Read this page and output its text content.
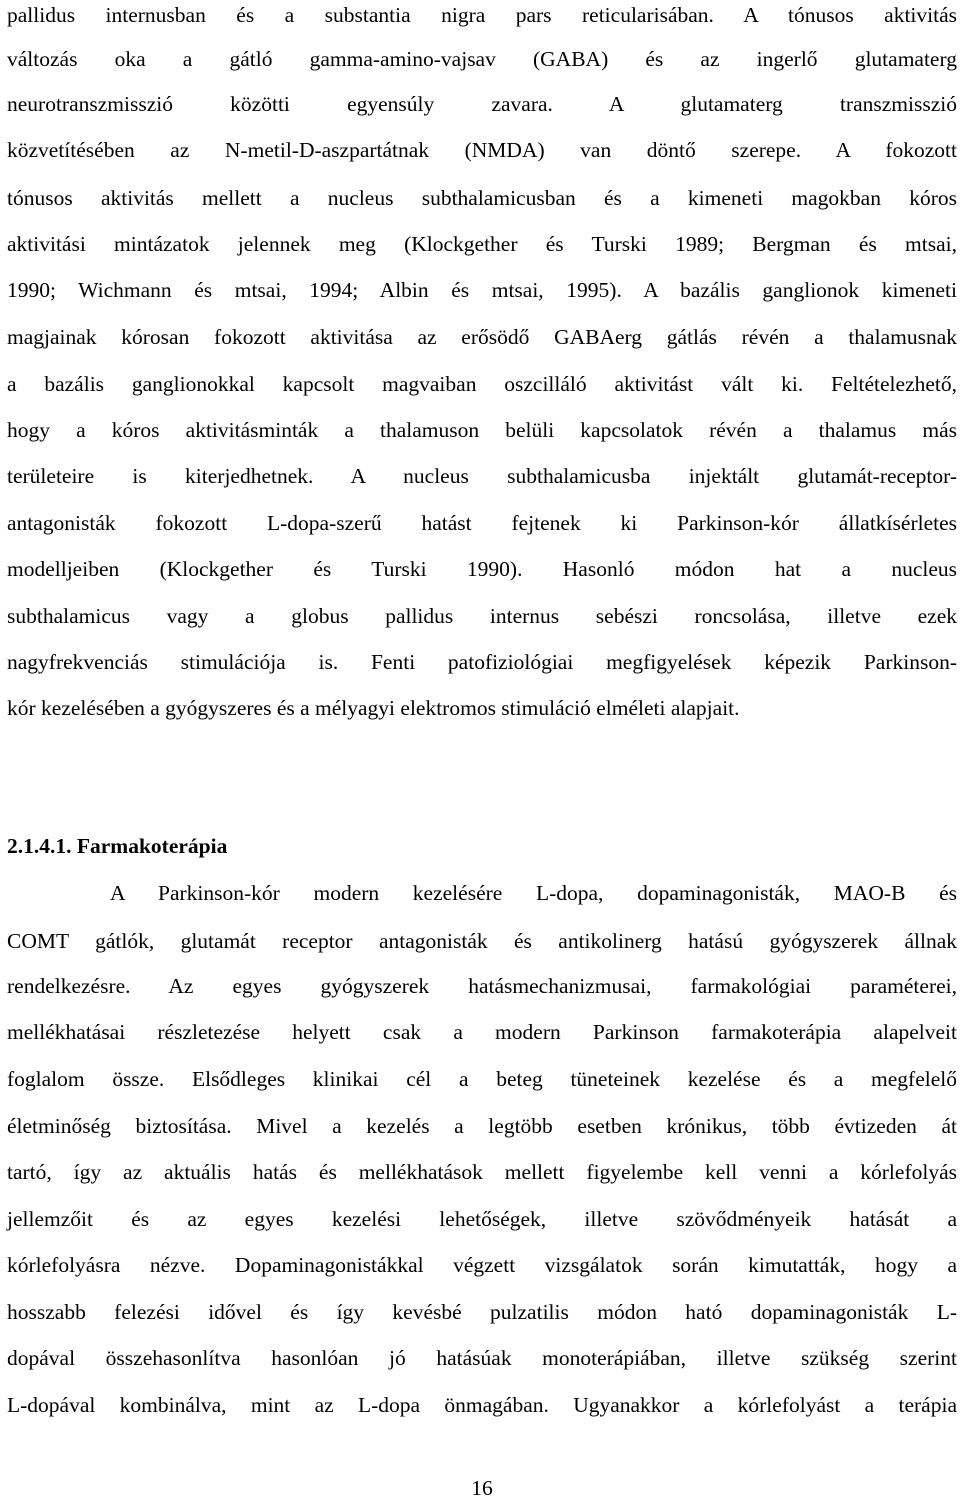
pallidus internusban és a substantia nigra pars reticularisában. A tónusos aktivitás
változás oka a gátló gamma-amino-vajsav (GABA) és az ingerlő glutamaterg
neurotranszmisszió közötti egyensúly zavara. A glutamaterg transzmisszió
közvetítésében az N-metil-D-aszpartátnak (NMDA) van döntő szerepe. A fokozott
tónusos aktivitás mellett a nucleus subthalamicusban és a kimeneti magokban kóros
aktivitási mintázatok jelennek meg (Klockgether és Turski 1989; Bergman és mtsai,
1990; Wichmann és mtsai, 1994; Albin és mtsai, 1995). A bazális ganglionok kimeneti
magjainak kórosan fokozott aktivitása az erősödő GABAerg gátlás révén a thalamusnak
a bazális ganglionokkal kapcsolt magvaiban oszcilláló aktivitást vált ki. Feltételezhető,
hogy a kóros aktivitásminták a thalamuson belüli kapcsolatok révén a thalamus más
területeire is kiterjedhetnek. A nucleus subthalamicusba injektált glutamát-receptor-
antagonisták fokozott L-dopa-szerű hatást fejtenek ki Parkinson-kór állatkísérletes
modelljeiben (Klockgether és Turski 1990). Hasonló módon hat a nucleus
subthalamicus vagy a globus pallidus internus sebészi roncsolása, illetve ezek
nagyfrekvenciás stimulációja is. Fenti patofiziológiai megfigyelések képezik Parkinson-
kór kezelésében a gyógyszeres és a mélyagyi elektromos stimuláció elméleti alapjait.
2.1.4.1. Farmakoterápia
A Parkinson-kór modern kezelésére L-dopa, dopaminagonisták, MAO-B és
COMT gátlók, glutamát receptor antagonisták és antikolinerg hatású gyógyszerek állnak
rendelkezésre. Az egyes gyógyszerek hatásmechanizmusai, farmakológiai paraméterei,
mellékhatásai részletezése helyett csak a modern Parkinson farmakoterápia alapelveit
foglalom össze. Elsődleges klinikai cél a beteg tüneteinek kezelése és a megfelelő
életminőség biztosítása. Mivel a kezelés a legtöbb esetben krónikus, több évtizeden át
tartó, így az aktuális hatás és mellékhatások mellett figyelembe kell venni a kórlefolyás
jellemzőit és az egyes kezelési lehetőségek, illetve szövődményeik hatását a
kórlefolyásra nézve. Dopaminagonistákkal végzett vizsgálatok során kimutatták, hogy a
hosszabb felezési idővel és így kevésbé pulzatilis módon ható dopaminagonisták L-
dopával összehasonlítva hasonlóan jó hatásúak monoterápiában, illetve szükség szerint
L-dopával kombinálva, mint az L-dopa önmagában. Ugyanakkor a kórlefolyást a terápia
16
